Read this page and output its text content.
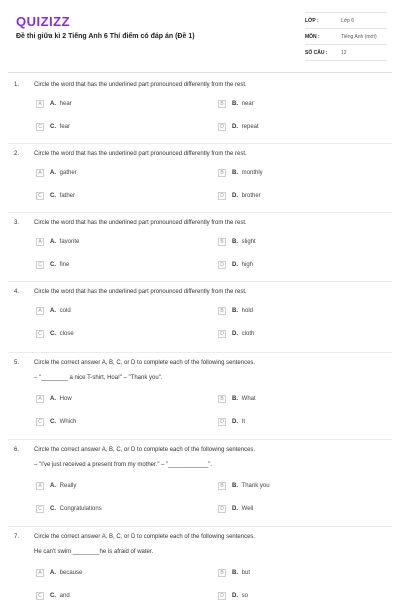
QUIZIZZ
Đề thi giữa kì 2 Tiếng Anh 6 Thí điểm có đáp án (Đề 1)
LỚP :	Lớp 6
MÔN :	Tiếng Anh (mới)
SỐ CÂU :	12
1. Circle the word that has the underlined part pronounced differently from the rest.
A	A. hear	B	B. near
C	C. fear	D	D. repeat
2. Circle the word that has the underlined part pronounced differently from the rest.
A	A. gather	B	B. monthly
C	C. father	D	D. brother
3. Circle the word that has the underlined part pronounced differently from the rest.
A	A. favorite	B	B. slight
C	C. fine	D	D. high
4. Circle the word that has the underlined part pronounced differently from the rest.
A	A. cold	B	B. hold
C	C. close	D	D. cloth
5. Circle the correct answer A, B, C, or D to complete each of the following sentences.
– "________ a nice T-shirt, Hoa!" – "Thank you".
A	A. How	B	B. What
C	C. Which	D	D. It
6. Circle the correct answer A, B, C, or D to complete each of the following sentences.
– "I've just received a present from my mother." – "____________".
A	A. Really	B	B. Thank you
C	C. Congratulations	D	D. Well
7. Circle the correct answer A, B, C, or D to complete each of the following sentences.
He can't swim ________he is afraid of water.
A	A. because	B	B. but
C	C. and	D	D. so
